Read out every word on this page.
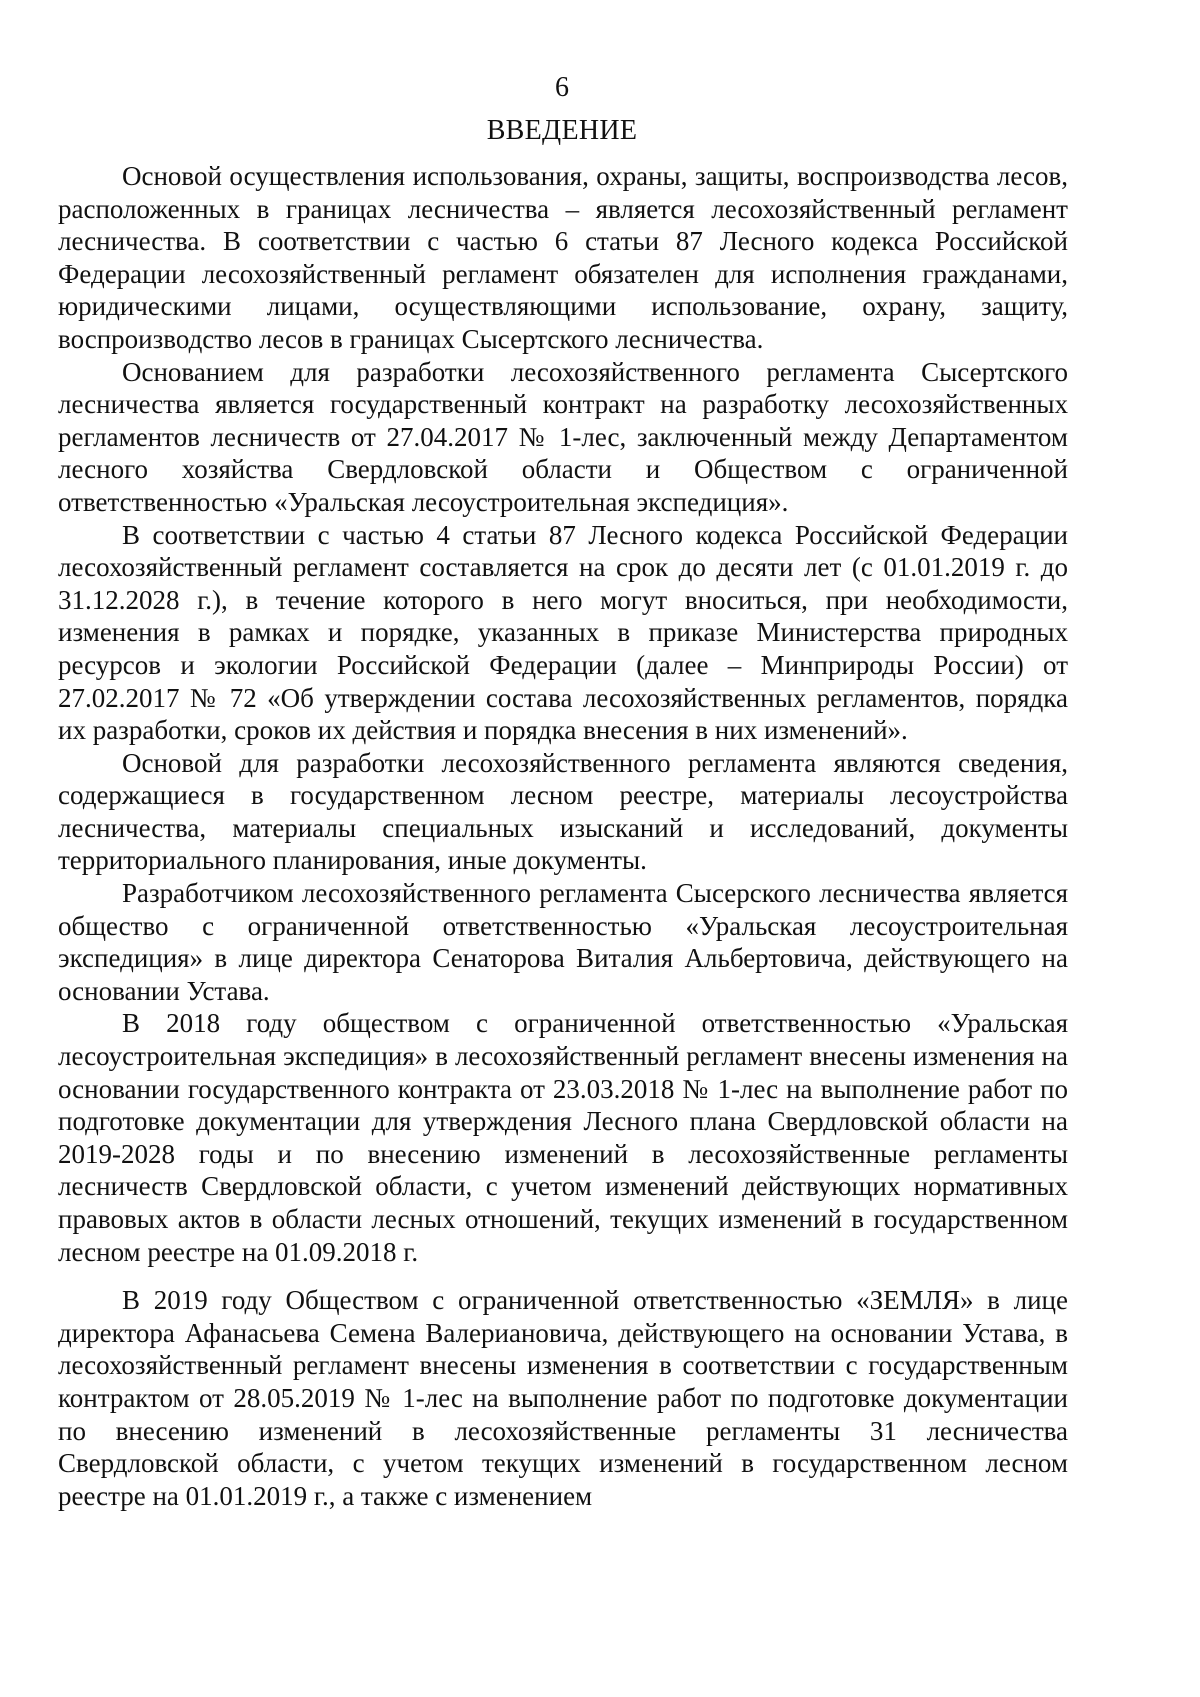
6
ВВЕДЕНИЕ

Основой осуществления использования, охраны, защиты, воспроизводства лесов, расположенных в границах лесничества – является лесохозяйственный регламент лесничества. В соответствии с частью 6 статьи 87 Лесного кодекса Российской Федерации лесохозяйственный регламент обязателен для исполнения гражданами, юридическими лицами, осуществляющими использование, охрану, защиту, воспроизводство лесов в границах Сысертского лесничества.

Основанием для разработки лесохозяйственного регламента Сысертского лесничества является государственный контракт на разработку лесохозяйственных регламентов лесничеств от 27.04.2017 № 1-лес, заключенный между Департаментом лесного хозяйства Свердловской области и Обществом с ограниченной ответственностью «Уральская лесоустроительная экспедиция».

В соответствии с частью 4 статьи 87 Лесного кодекса Российской Федерации лесохозяйственный регламент составляется на срок до десяти лет (с 01.01.2019 г. до 31.12.2028 г.), в течение которого в него могут вноситься, при необходимости, изменения в рамках и порядке, указанных в приказе Министерства природных ресурсов и экологии Российской Федерации (далее – Минприроды России) от 27.02.2017 № 72 «Об утверждении состава лесохозяйственных регламентов, порядка их разработки, сроков их действия и порядка внесения в них изменений».

Основой для разработки лесохозяйственного регламента являются сведения, содержащиеся в государственном лесном реестре, материалы лесоустройства лесничества, материалы специальных изысканий и исследований, документы территориального планирования, иные документы.

Разработчиком лесохозяйственного регламента Сысерского лесничества является общество с ограниченной ответственностью «Уральская лесоустроительная экспедиция» в лице директора Сенаторова Виталия Альбертовича, действующего на основании Устава.

В 2018 году обществом с ограниченной ответственностью «Уральская лесоустроительная экспедиция» в лесохозяйственный регламент внесены изменения на основании государственного контракта от 23.03.2018 № 1-лес на выполнение работ по подготовке документации для утверждения Лесного плана Свердловской области на 2019-2028 годы и по внесению изменений в лесохозяйственные регламенты лесничеств Свердловской области, с учетом изменений действующих нормативных правовых актов в области лесных отношений, текущих изменений в государственном лесном реестре на 01.09.2018 г.

В 2019 году Обществом с ограниченной ответственностью «ЗЕМЛЯ» в лице директора Афанасьева Семена Валериановича, действующего на основании Устава, в лесохозяйственный регламент внесены изменения в соответствии с государственным контрактом от 28.05.2019 № 1-лес на выполнение работ по подготовке документации по внесению изменений в лесохозяйственные регламенты 31 лесничества Свердловской области, с учетом текущих изменений в государственном лесном реестре на 01.01.2019 г., а также с изменением
